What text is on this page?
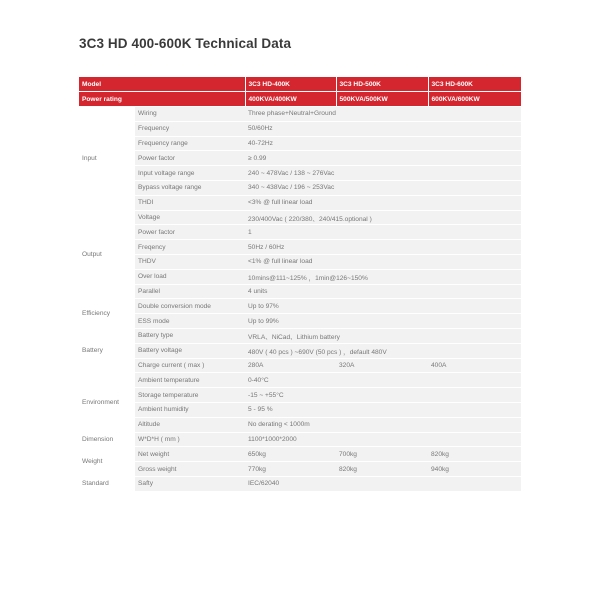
3C3 HD 400-600K Technical Data
Model		3C3 HD-400K	3C3 HD-500K	3C3 HD-600K
Power rating		400KVA/400KW	500KVA/500KW	600KVA/600KW
Input	Wiring	Three phase+Neutral+Ground		
	Frequency	50/60Hz		
	Frequency range	40-72Hz		
	Power factor	≥ 0.99		
	Input voltage range	240 ~ 478Vac / 138 ~ 276Vac		
	Bypass voltage range	340 ~ 438Vac / 196 ~ 253Vac		
	THDI	<3% @ full linear load		
Output	Voltage	230/400Vac ( 220/380、240/415.optional )		
	Power factor	1		
	Freqency	50Hz / 60Hz		
	THDV	<1% @ full linear load		
	Over load	10mins@111~125% ，1min@126~150%		
	Parallel	4 units		
Efficiency	Double conversion mode	Up to 97%		
	ESS mode	Up to 99%		
Battery	Battery type	VRLA、NiCad、Lithium battery		
	Battery voltage	480V ( 40 pcs ) ~690V (50 pcs ) ，default 480V		
	Charge current ( max )	280A	320A	400A
Environment	Ambient temperature	0-40°C		
	Storage temperature	-15 ~ +55°C		
	Ambient humidity	5 - 95 %		
	Altitude	No derating < 1000m		
Dimension	W*D*H ( mm )	1100*1000*2000		
Weight	Net weight	650kg	700kg	820kg
	Gross weight	770kg	820kg	940kg
Standard	Safty	IEC/62040		
